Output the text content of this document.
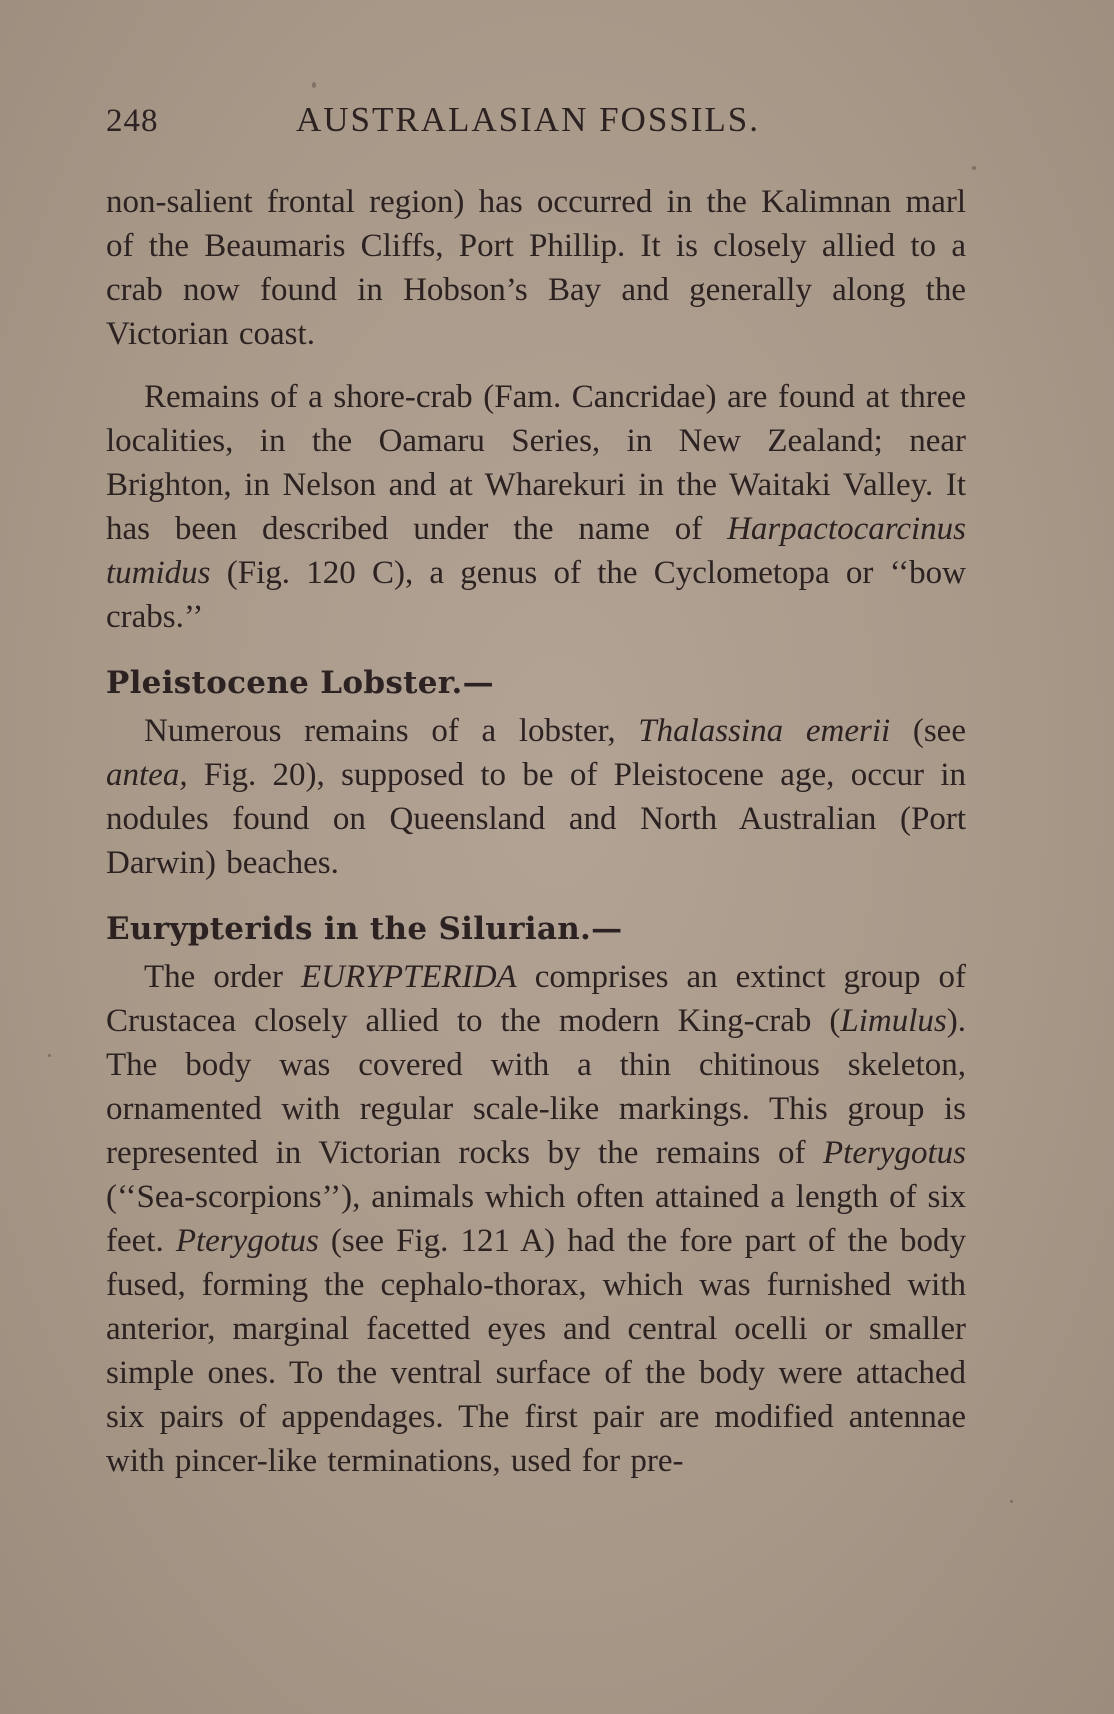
248	AUSTRALASIAN FOSSILS.

non-salient frontal region) has occurred in the Kalimnan marl of the Beaumaris Cliffs, Port Phillip. It is closely allied to a crab now found in Hobson’s Bay and generally along the Victorian coast.

Remains of a shore-crab (Fam. Cancridae) are found at three localities, in the Oamaru Series, in New Zealand; near Brighton, in Nelson and at Wharekuri in the Waitaki Valley. It has been described under the name of Harpactocarcinus tumidus (Fig. 120 C), a genus of the Cyclometopa or ‘‘bow crabs.’’

Pleistocene Lobster.—

Numerous remains of a lobster, Thalassina emerii (see antea, Fig. 20), supposed to be of Pleistocene age, occur in nodules found on Queensland and North Australian (Port Darwin) beaches.

Eurypterids in the Silurian.—

The order EURYPTERIDA comprises an extinct group of Crustacea closely allied to the modern King-crab (Limulus). The body was covered with a thin chitinous skeleton, ornamented with regular scale-like markings. This group is represented in Victorian rocks by the remains of Pterygotus (‘‘Sea-scorpions’’), animals which often attained a length of six feet. Pterygotus (see Fig. 121 A) had the fore part of the body fused, forming the cephalo-thorax, which was furnished with anterior, marginal facetted eyes and central ocelli or smaller simple ones. To the ventral surface of the body were attached six pairs of appendages. The first pair are modified antennae with pincer-like terminations, used for pre-
